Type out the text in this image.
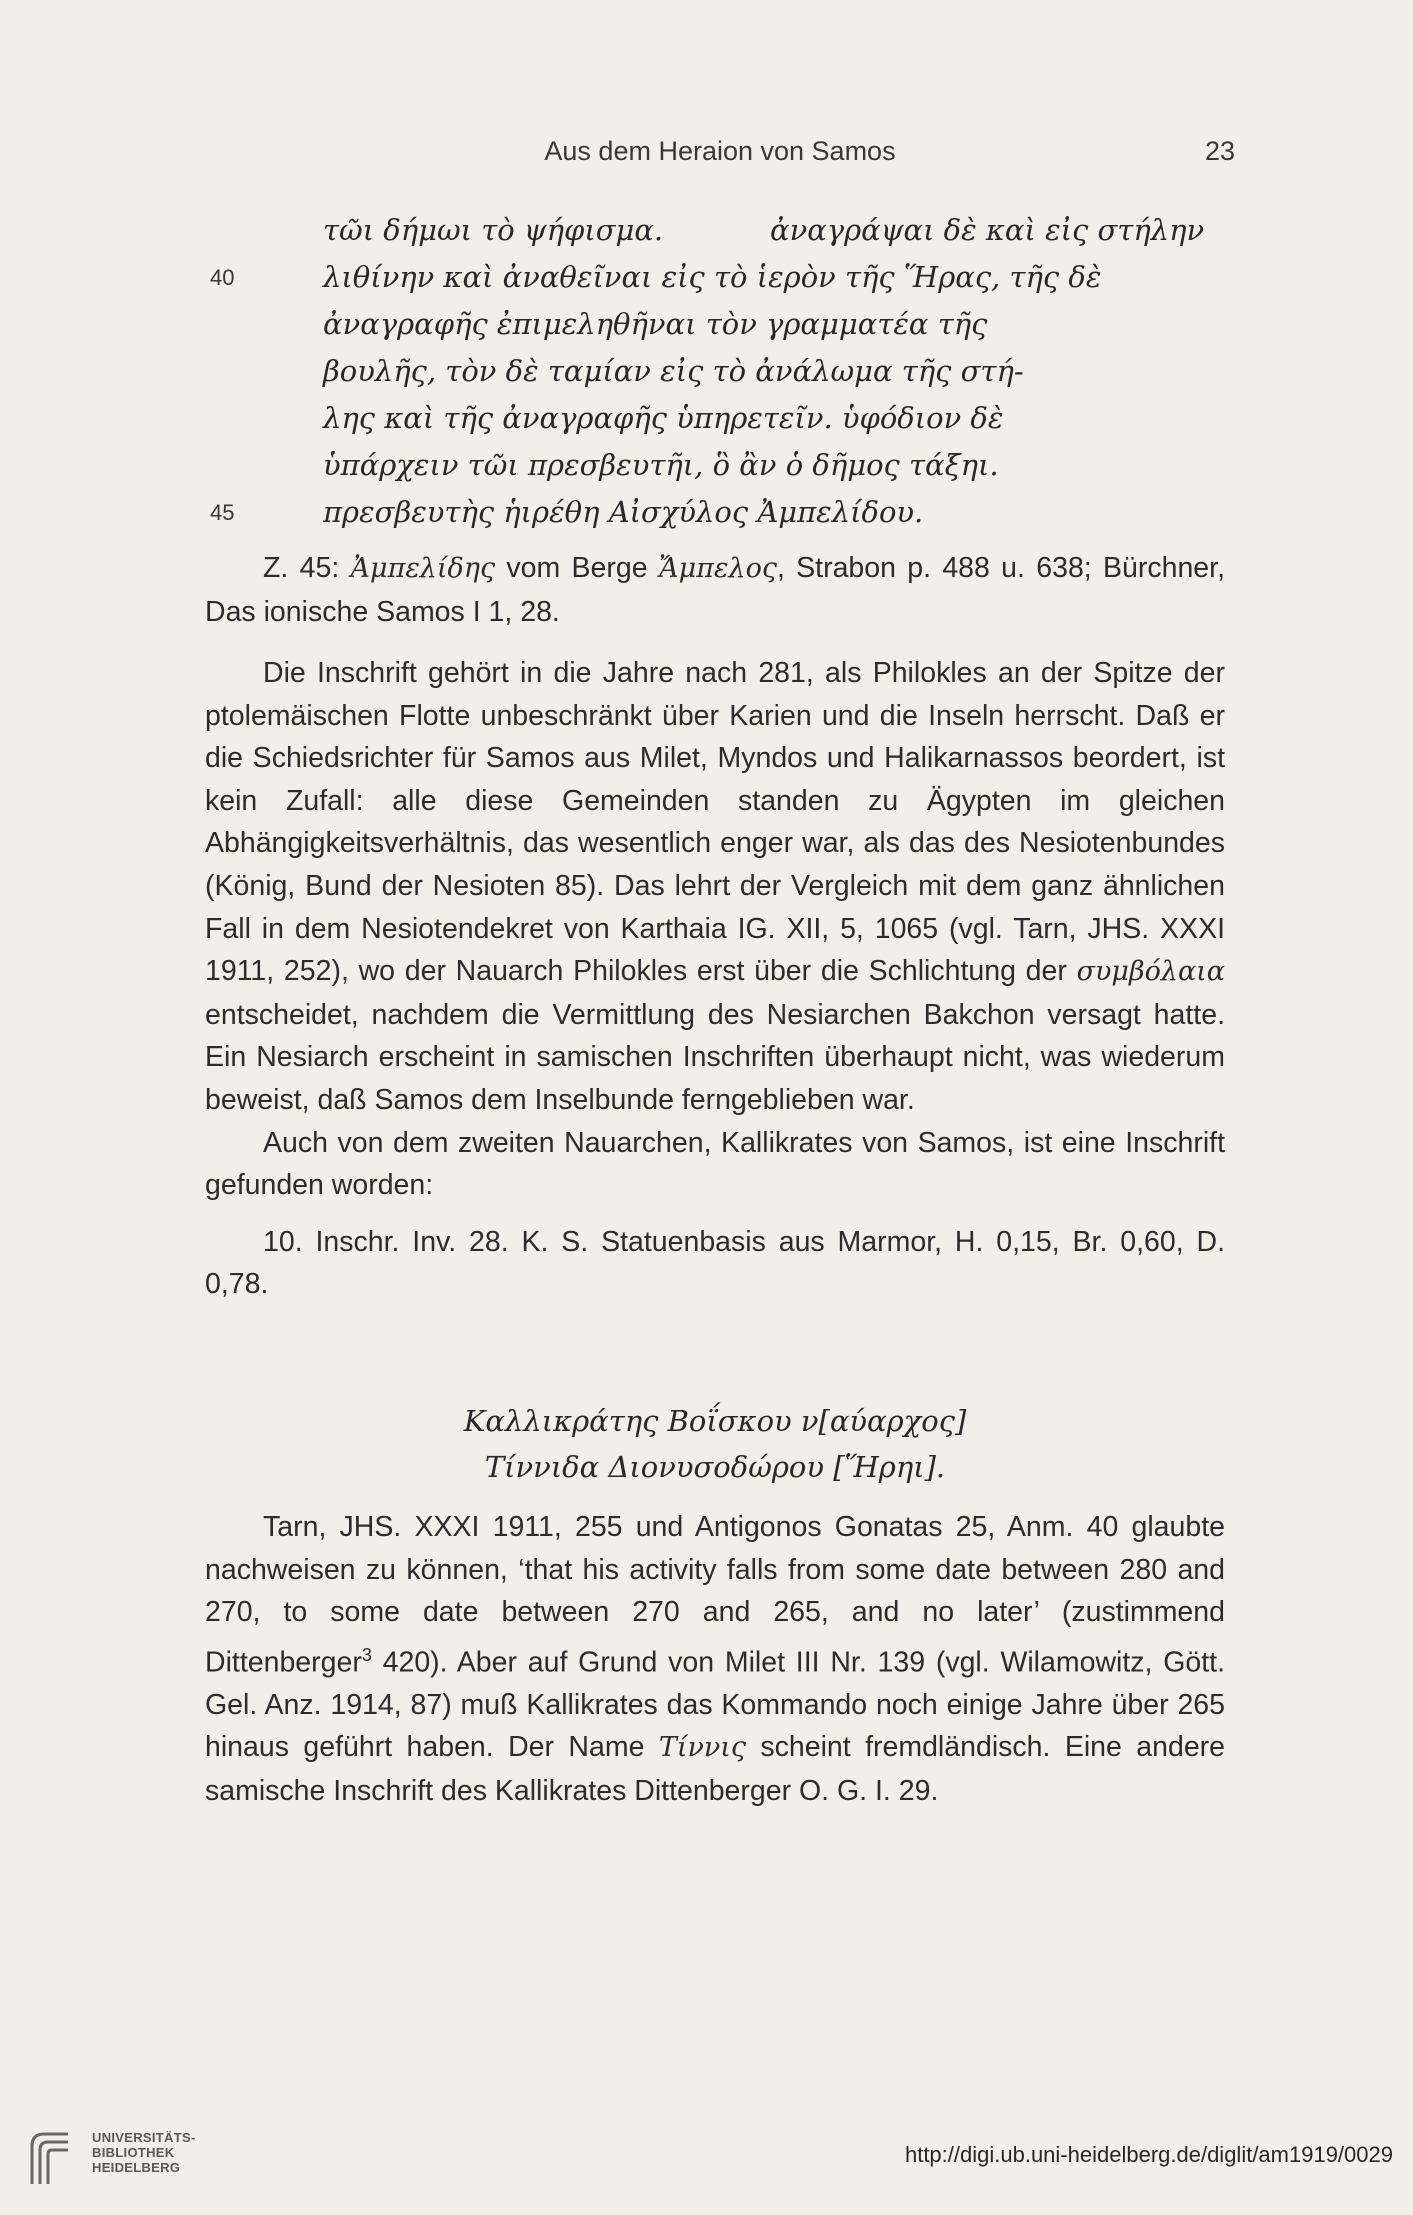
Aus dem Heraion von Samos	23
τῶι δήμωι τὸ ψήφισμα.	ἀναγράψαι δὲ καὶ εἰς στήλην
40	λιθίνην καὶ ἀναθεῖναι εἰς τὸ ἱερὸν τῆς Ἥρας, τῆς δὲ
ἀναγραφῆς ἐπιμεληθῆναι τὸν γραμματέα τῆς
βουλῆς, τὸν δὲ ταμίαν εἰς τὸ ἀνάλωμα τῆς στή-
λης καὶ τῆς ἀναγραφῆς ὑπηρετεῖν. ὑφόδιον δὲ
ὑπάρχειν τῶι πρεσβευτῆι, ὃ ἂν ὁ δῆμος τάξηι.
45	πρεσβευτὴς ἡιρέθη Αἰσχύλος Ἀμπελίδου.

Z. 45: Ἀμπελίδης vom Berge Ἄμπελος, Strabon p. 488 u. 638; Bürchner, Das ionische Samos I 1, 28.

Die Inschrift gehört in die Jahre nach 281, als Philokles an der Spitze der ptolemäischen Flotte unbeschränkt über Karien und die Inseln herrscht. Daß er die Schiedsrichter für Samos aus Milet, Myndos und Halikarnassos beordert, ist kein Zufall: alle diese Gemeinden standen zu Ägypten im gleichen Abhängigkeitsverhältnis, das wesentlich enger war, als das des Nesiotenbundes (König, Bund der Nesioten 85). Das lehrt der Vergleich mit dem ganz ähnlichen Fall in dem Nesiotendekret von Karthaia IG. XII, 5, 1065 (vgl. Tarn, JHS. XXXI 1911, 252), wo der Nauarch Philokles erst über die Schlichtung der συμβόλαια entscheidet, nachdem die Vermittlung des Nesiarchen Bakchon versagt hatte. Ein Nesiarch erscheint in samischen Inschriften überhaupt nicht, was wiederum beweist, daß Samos dem Inselbunde ferngeblieben war.

Auch von dem zweiten Nauarchen, Kallikrates von Samos, ist eine Inschrift gefunden worden:

10. Inschr. Inv. 28. K. S. Statuenbasis aus Marmor, H. 0,15, Br. 0,60, D. 0,78.

Καλλικράτης Βοΐσκου ν[αύαρχος]
Τίννιδα Διονυσοδώρου [Ἥρηι].

Tarn, JHS. XXXI 1911, 255 und Antigonos Gonatas 25, Anm. 40 glaubte nachweisen zu können, ‘that his activity falls from some date between 280 and 270, to some date between 270 and 265, and no later’ (zustimmend Dittenberger$^3$ 420). Aber auf Grund von Milet III Nr. 139 (vgl. Wilamowitz, Gött. Gel. Anz. 1914, 87) muß Kallikrates das Kommando noch einige Jahre über 265 hinaus geführt haben. Der Name Τίννις scheint fremdländisch. Eine andere samische Inschrift des Kallikrates Dittenberger O. G. I. 29.

UNIVERSITÄTS-
BIBLIOTHEK
HEIDELBERG
http://digi.ub.uni-heidelberg.de/diglit/am1919/0029
